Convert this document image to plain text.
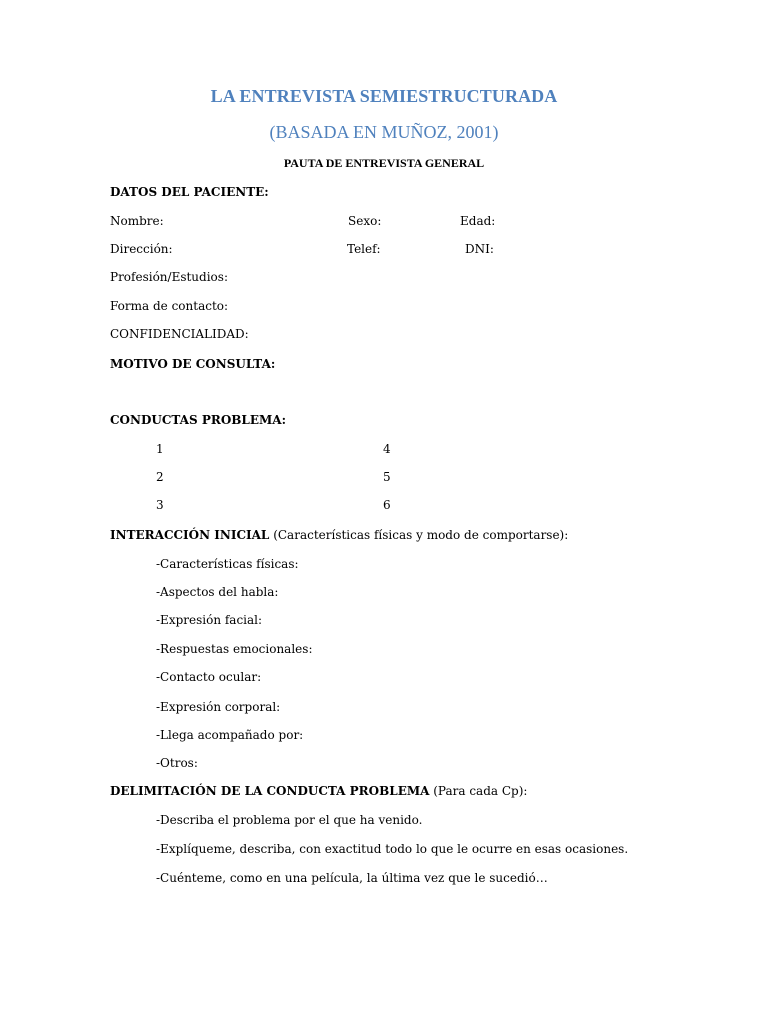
LA ENTREVISTA SEMIESTRUCTURADA
(BASADA EN MUÑOZ, 2001)
PAUTA DE ENTREVISTA GENERAL
DATOS DEL PACIENTE:
Nombre:	Sexo:	Edad:
Dirección:	Telef:	DNI:
Profesión/Estudios:
Forma de contacto:
CONFIDENCIALIDAD:
MOTIVO DE CONSULTA:
CONDUCTAS PROBLEMA:
1	4
2	5
3	6
INTERACCIÓN INICIAL (Características físicas y modo de comportarse):
-Características físicas:
-Aspectos del habla:
-Expresión facial:
-Respuestas emocionales:
-Contacto ocular:
-Expresión corporal:
-Llega acompañado por:
-Otros:
DELIMITACIÓN DE LA CONDUCTA PROBLEMA (Para cada Cp):
-Describa el problema por el que ha venido.
-Explíqueme, describa, con exactitud todo lo que le ocurre en esas ocasiones.
-Cuénteme, como en una película, la última vez que le sucedió…
